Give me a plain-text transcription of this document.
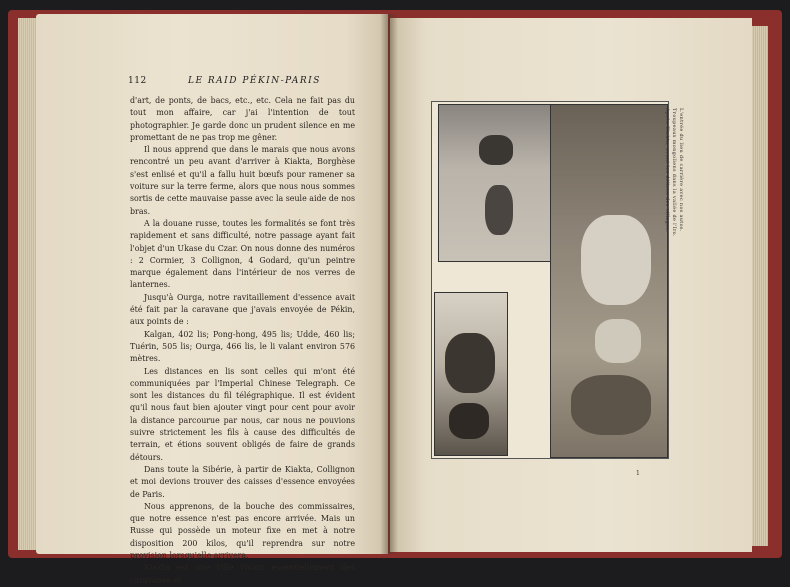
112	LE RAID PÉKIN-PARIS

d'art, de ponts, de bacs, etc., etc. Cela ne fait pas du tout mon affaire, car j'ai l'intention de tout photographier. Je garde donc un prudent silence en me promettant de ne pas trop me gêner.

Il nous apprend que dans le marais que nous avons rencontré un peu avant d'arriver à Kiakta, Borghèse s'est enlisé et qu'il a fallu huit bœufs pour ramener sa voiture sur la terre ferme, alors que nous nous sommes sortis de cette mauvaise passe avec la seule aide de nos bras.

A la douane russe, toutes les formalités se font très rapidement et sans difficulté, notre passage ayant fait l'objet d'un Ukase du Czar. On nous donne des numéros : 2 Cormier, 3 Collignon, 4 Godard, qu'un peintre marque également dans l'intérieur de nos verres de lanternes.

Jusqu'à Ourga, notre ravitaillement d'essence avait été fait par la caravane que j'avais envoyée de Pékin, aux points de :

Kalgan, 402 lis; Pong-hong, 495 lis; Udde, 460 lis; Tuérin, 505 lis; Ourga, 466 lis, le li valant environ 576 mètres.

Les distances en lis sont celles qui m'ont été communiquées par l'Imperial Chinese Telegraph. Ce sont les distances du fil télégraphique. Il est évident qu'il nous faut bien ajouter vingt pour cent pour avoir la distance parcourue par nous, car nous ne pouvions suivre strictement les fils à cause des difficultés de terrain, et étions souvent obligés de faire de grands détours.

Dans toute la Sibérie, à partir de Kiakta, Collignon et moi devions trouver des caisses d'essence envoyées de Paris.

Nous apprenons, de la bouche des commissaires, que notre essence n'est pas encore arrivée. Mais un Russe qui possède un moteur fixe en met à notre disposition 200 kilos, qu'il reprendra sur notre provision lorsqu'elle arrivera.

Kiakta est une ville vivant essentiellement des caravanes et

Après Kiakta, avant les délices des villages. Troupeaux mongoliens dans la vallée de l'Iro. L'entrée du lieu de carrière avec nos autos.
1
